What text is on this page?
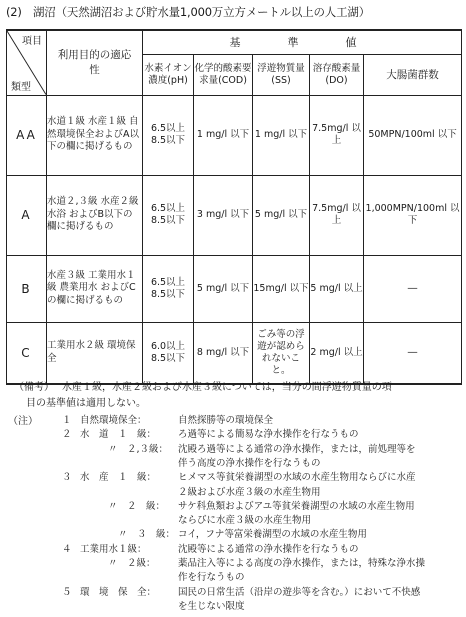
(2)　湖沼（天然湖沼および貯水量1,000万立方メートル以上の人工湖）
項目
類型	利用目的の適応性	基　準　値				
		水素イオン濃度(pH)	化学的酸素要求量(COD)	浮遊物質量(SS)	溶存酸素量(DO)	大腸菌群数
AA	水道１級 水産１級 自然環境保全およびA以下の欄に掲げるもの	6.5以上 8.5以下	1 mg/l 以下	1 mg/l 以下	7.5mg/l 以上	50MPN/100ml 以下
A	水道２,３級 水産２級 水浴 およびB以下の欄に掲げるもの	6.5以上 8.5以下	3 mg/l 以下	5 mg/l 以下	7.5mg/l 以上	1,000MPN/100ml 以下
B	水産３級 工業用水１級 農業用水 およびCの欄に掲げるもの	6.5以上 8.5以下	5 mg/l 以下	15mg/l 以下	5 mg/l 以上	―
C	工業用水２級 環境保全	6.0以上 8.5以下	8 mg/l 以下	ごみ等の浮遊が認められないこと。	2 mg/l 以上	―
（備考） 水産１級，水産２級および水産３級については，当分の間浮遊物質量の項
目の基準値は適用しない。
（注）	１ 自然環境保全：	自然探勝等の環境保全
２ 水　道　１　級： ろ過等による簡易な浄水操作を行なうもの
〃　２,３級： 沈殿ろ過等による通常の浄水操作，または，前処理等を
伴う高度の浄水操作を行なうもの
３ 水　産　１　級： ヒメマス等貧栄養湖型の水域の水産生物用ならびに水産
２級および水産３級の水産生物用
〃　２　級： サケ科魚類およびアユ等貧栄養湖型の水域の水産生物用
ならびに水産３級の水産生物用
〃　３　級： コイ，フナ等富栄養湖型の水域の水産生物用
４ 工業用水１級：	沈殿等による通常の浄水操作を行なうもの
〃　２級： 薬品注入等による高度の浄水操作，または，特殊な浄水操
作を行なうもの
５ 環　境　保　全： 国民の日常生活（沿岸の遊歩等を含む。）において不快感
を生じない限度
